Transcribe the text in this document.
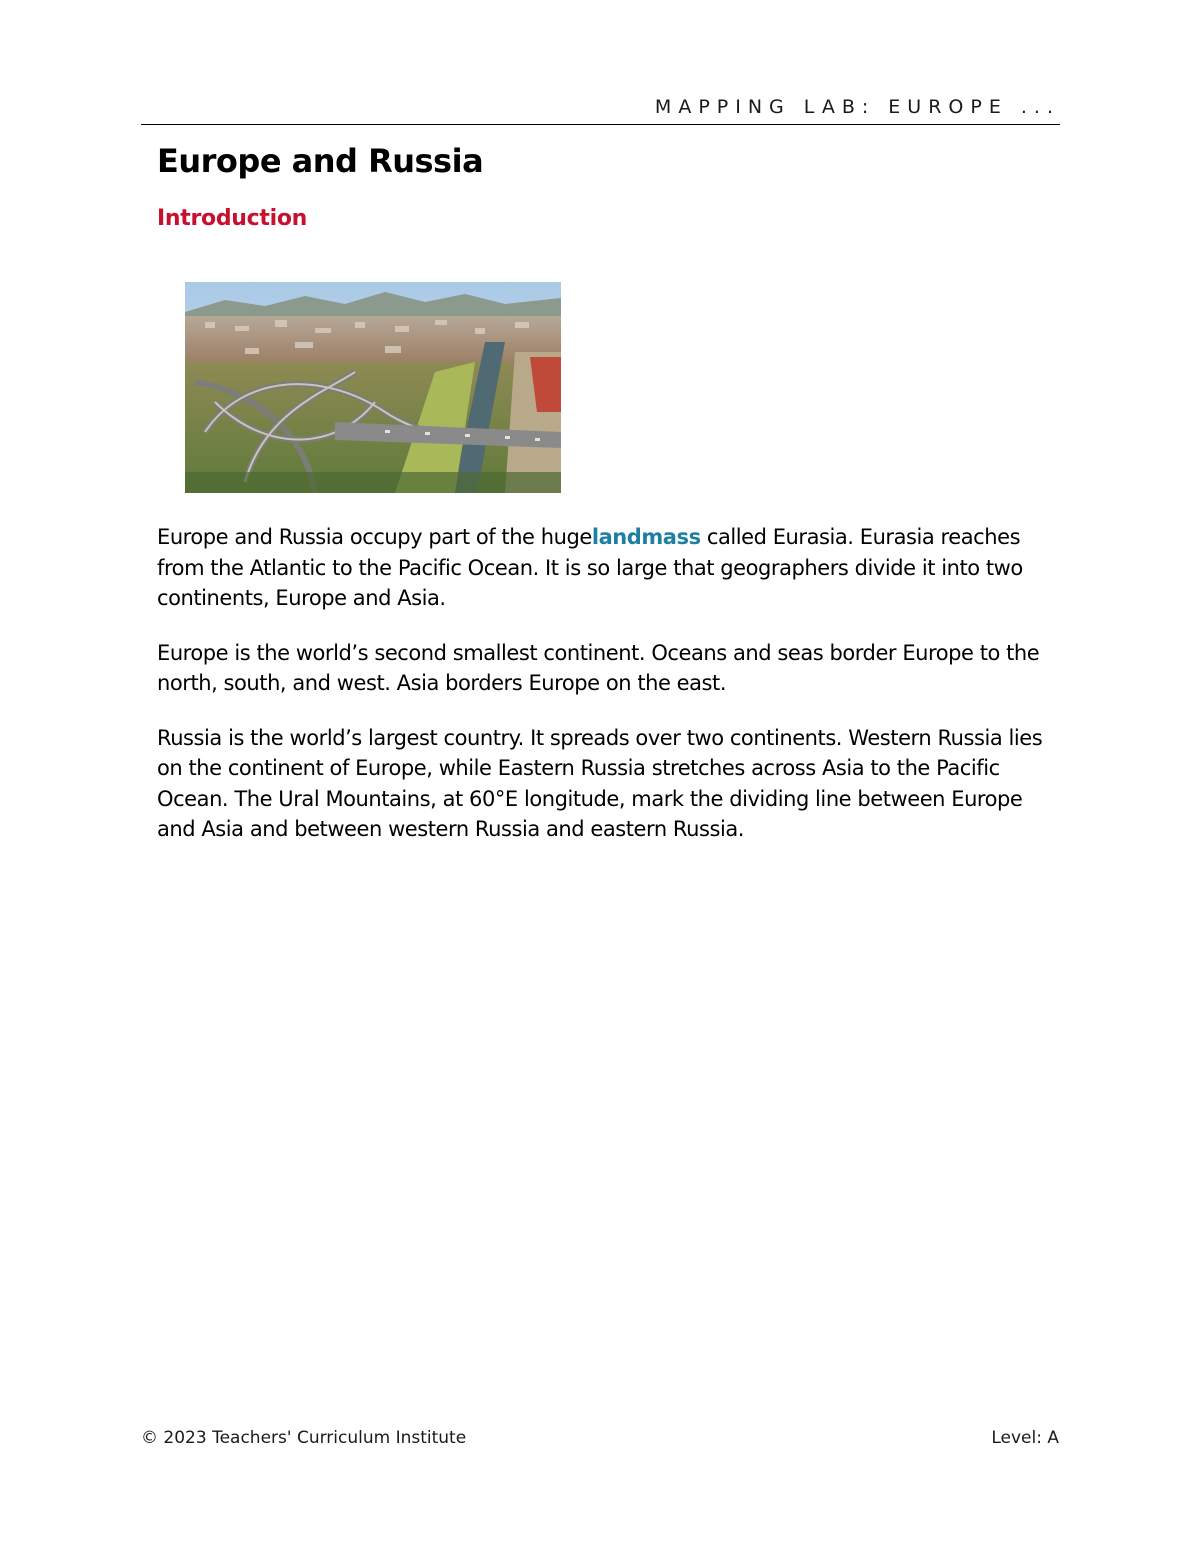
MAPPING LAB: EUROPE ...
Europe and Russia
Introduction

Europe and Russia occupy part of the hugelandmass called Eurasia. Eurasia reaches from the Atlantic to the Pacific Ocean. It is so large that geographers divide it into two continents, Europe and Asia.

Europe is the world’s second smallest continent. Oceans and seas border Europe to the north, south, and west. Asia borders Europe on the east.

Russia is the world’s largest country. It spreads over two continents. Western Russia lies on the continent of Europe, while Eastern Russia stretches across Asia to the Pacific Ocean. The Ural Mountains, at 60°E longitude, mark the dividing line between Europe and Asia and between western Russia and eastern Russia.

© 2023 Teachers' Curriculum Institute	Level: A
